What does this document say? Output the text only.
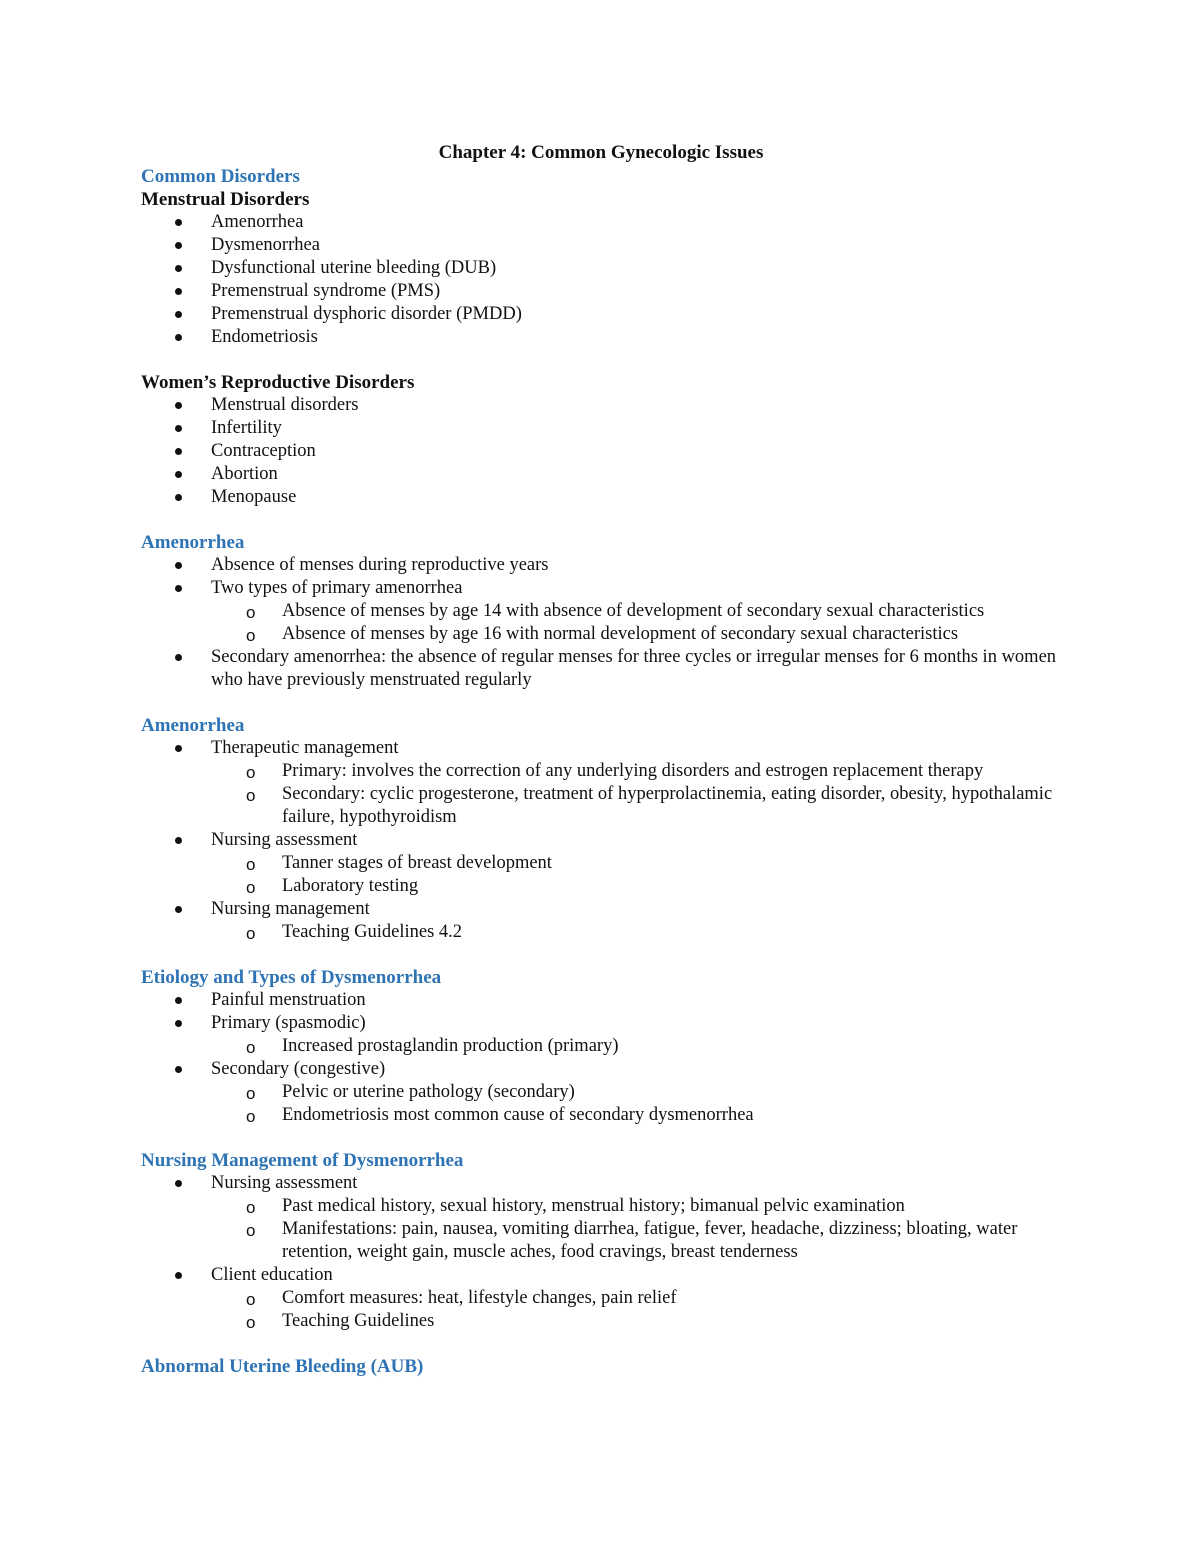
Chapter 4: Common Gynecologic Issues

Common Disorders

Menstrual Disorders

Amenorrhea
Dysmenorrhea
Dysfunctional uterine bleeding (DUB)
Premenstrual syndrome (PMS)
Premenstrual dysphoric disorder (PMDD)
Endometriosis

Women’s Reproductive Disorders

Menstrual disorders
Infertility
Contraception
Abortion
Menopause

Amenorrhea

Absence of menses during reproductive years
Two types of primary amenorrhea
o Absence of menses by age 14 with absence of development of secondary sexual characteristics
o Absence of menses by age 16 with normal development of secondary sexual characteristics
Secondary amenorrhea: the absence of regular menses for three cycles or irregular menses for 6 months in women who have previously menstruated regularly

Amenorrhea

Therapeutic management
o Primary: involves the correction of any underlying disorders and estrogen replacement therapy
o Secondary: cyclic progesterone, treatment of hyperprolactinemia, eating disorder, obesity, hypothalamic failure, hypothyroidism
Nursing assessment
o Tanner stages of breast development
o Laboratory testing
Nursing management
o Teaching Guidelines 4.2

Etiology and Types of Dysmenorrhea

Painful menstruation
Primary (spasmodic)
o Increased prostaglandin production (primary)
Secondary (congestive)
o Pelvic or uterine pathology (secondary)
o Endometriosis most common cause of secondary dysmenorrhea

Nursing Management of Dysmenorrhea

Nursing assessment
o Past medical history, sexual history, menstrual history; bimanual pelvic examination
o Manifestations: pain, nausea, vomiting diarrhea, fatigue, fever, headache, dizziness; bloating, water retention, weight gain, muscle aches, food cravings, breast tenderness
Client education
o Comfort measures: heat, lifestyle changes, pain relief
o Teaching Guidelines

Abnormal Uterine Bleeding (AUB)
